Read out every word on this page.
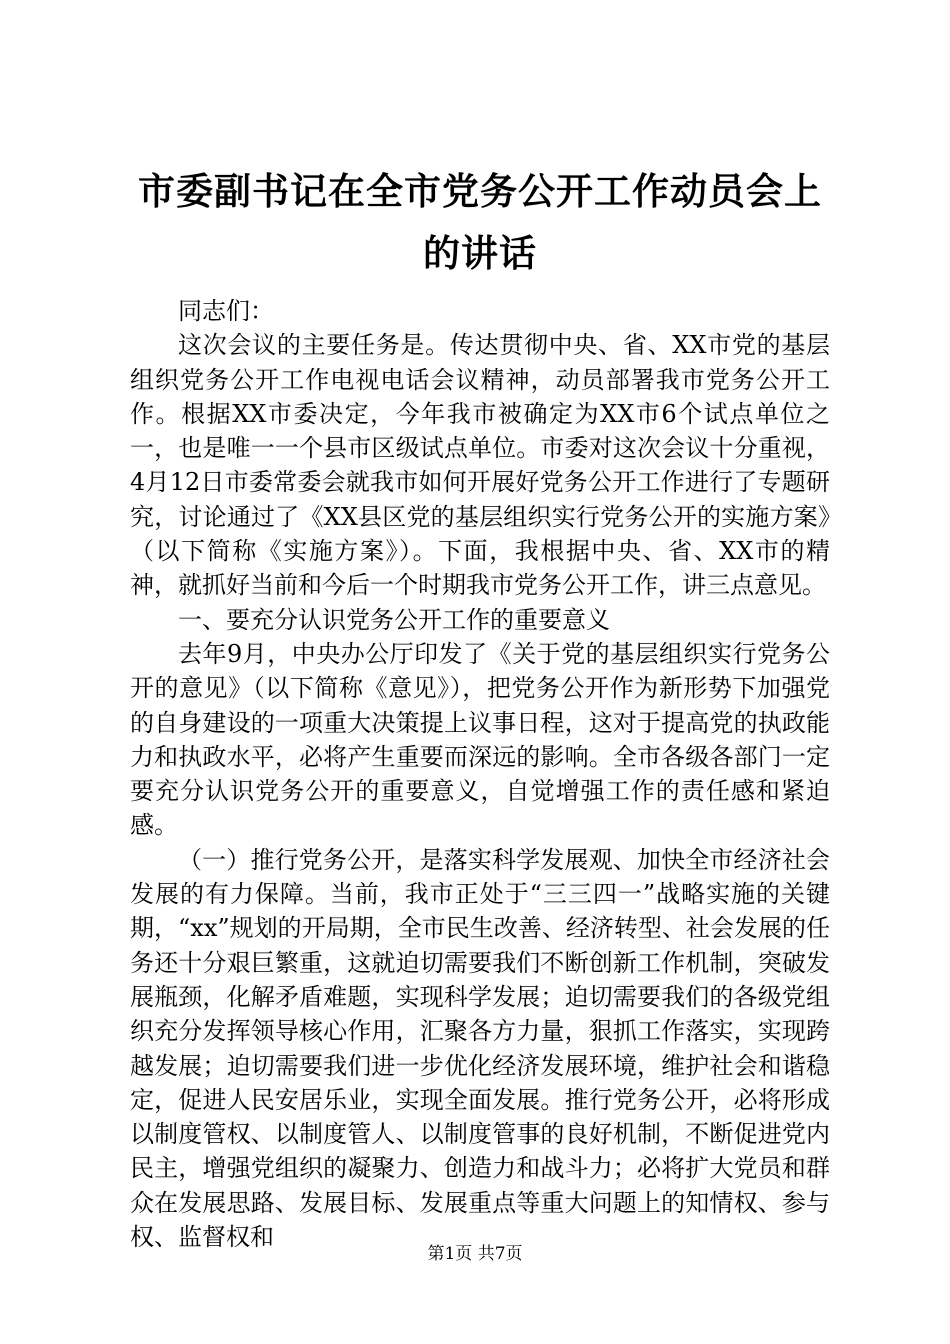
市委副书记在全市党务公开工作动员会上的讲话

同志们：

这次会议的主要任务是。传达贯彻中央、省、XX市党的基层组织党务公开工作电视电话会议精神，动员部署我市党务公开工作。根据XX市委决定，今年我市被确定为XX市6个试点单位之一，也是唯一一个县市区级试点单位。市委对这次会议十分重视，4月12日市委常委会就我市如何开展好党务公开工作进行了专题研究，讨论通过了《XX县区党的基层组织实行党务公开的实施方案》（以下简称《实施方案》）。下面，我根据中央、省、XX市的精神，就抓好当前和今后一个时期我市党务公开工作，讲三点意见。

一、要充分认识党务公开工作的重要意义

去年9月，中央办公厅印发了《关于党的基层组织实行党务公开的意见》（以下简称《意见》），把党务公开作为新形势下加强党的自身建设的一项重大决策提上议事日程，这对于提高党的执政能力和执政水平，必将产生重要而深远的影响。全市各级各部门一定要充分认识党务公开的重要意义，自觉增强工作的责任感和紧迫感。

（一）推行党务公开，是落实科学发展观、加快全市经济社会发展的有力保障。当前，我市正处于“三三四一”战略实施的关键期，“xx”规划的开局期，全市民生改善、经济转型、社会发展的任务还十分艰巨繁重，这就迫切需要我们不断创新工作机制，突破发展瓶颈，化解矛盾难题，实现科学发展；迫切需要我们的各级党组织充分发挥领导核心作用，汇聚各方力量，狠抓工作落实，实现跨越发展；迫切需要我们进一步优化经济发展环境，维护社会和谐稳定，促进人民安居乐业，实现全面发展。推行党务公开，必将形成以制度管权、以制度管人、以制度管事的良好机制，不断促进党内民主，增强党组织的凝聚力、创造力和战斗力；必将扩大党员和群众在发展思路、发展目标、发展重点等重大问题上的知情权、参与权、监督权和

第1页 共7页
